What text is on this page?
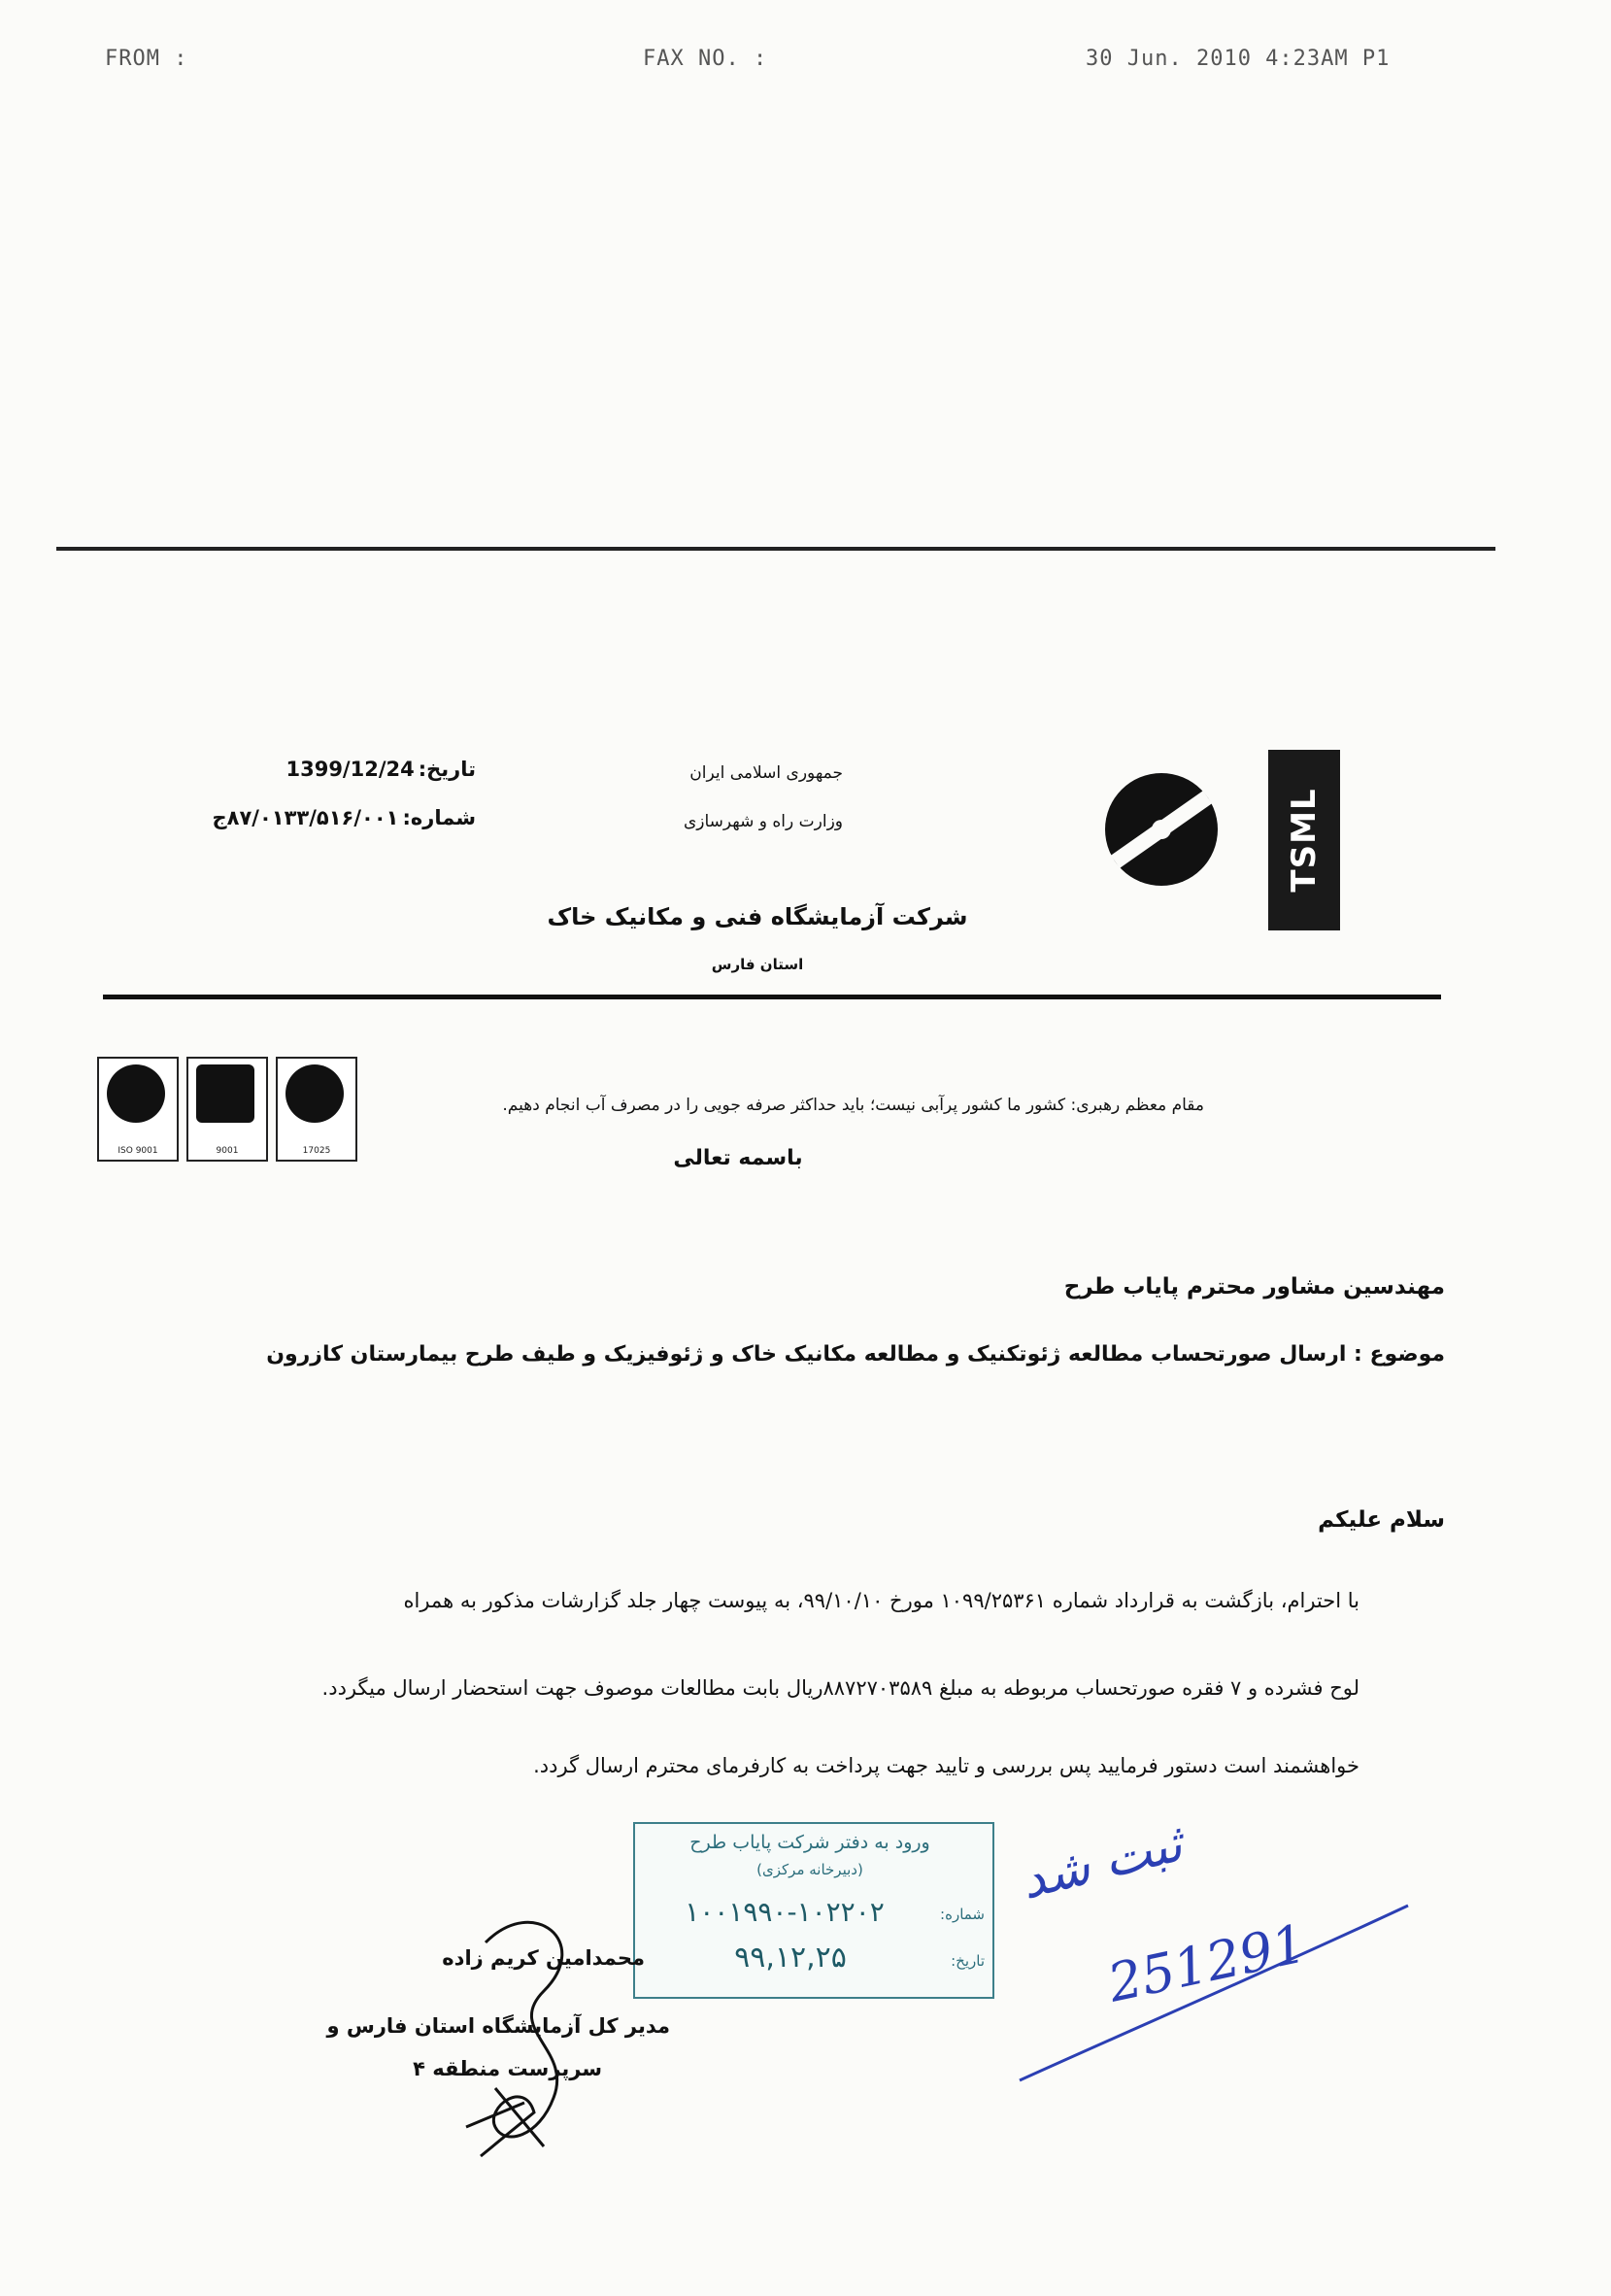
FROM :	FAX NO. :	30 Jun. 2010 4:23AM P1
TSML
جمهوری اسلامی ایران
وزارت راه و شهرسازی
شرکت آزمایشگاه فنی و مکانیک خاک
استان فارس
تاریخ:
1399/12/24
شماره:
۸۷/۰۱۳۳/۵۱۶/۰۰۱ج
ISO 9001	9001	17025
مقام معظم رهبری: کشور ما کشور پرآبی نیست؛ باید حداکثر صرفه جویی را در مصرف آب انجام دهیم.
باسمه تعالی
مهندسین مشاور محترم پایاب طرح
موضوع : ارسال صورتحساب مطالعه ژئوتکنیک و مطالعه مکانیک خاک و ژئوفیزیک و طیف طرح بیمارستان کازرون
سلام علیکم
با احترام، بازگشت به قرارداد شماره ۱۰۹۹/۲۵۳۶۱ مورخ ۹۹/۱۰/۱۰، به پیوست چهار جلد گزارشات مذکور به همراه
لوح فشرده و ۷ فقره صورتحساب مربوطه به مبلغ ۸۸۷۲۷۰۳۵۸۹ریال بابت مطالعات موصوف جهت استحضار ارسال میگردد.
خواهشمند است دستور فرمایید پس بررسی و تایید جهت پرداخت به کارفرمای محترم ارسال گردد.
ورود به دفتر شرکت پایاب طرح
(دبیرخانه مرکزی)
شماره:
۱۰۰۱۹۹۰-۱۰۲۲۰۲
تاریخ:
۹۹,۱۲,۲۵
ثبت شد
251291
محمدامین کریم زاده
مدیر کل آزمایشگاه استان فارس و
سرپرست منطقه ۴
